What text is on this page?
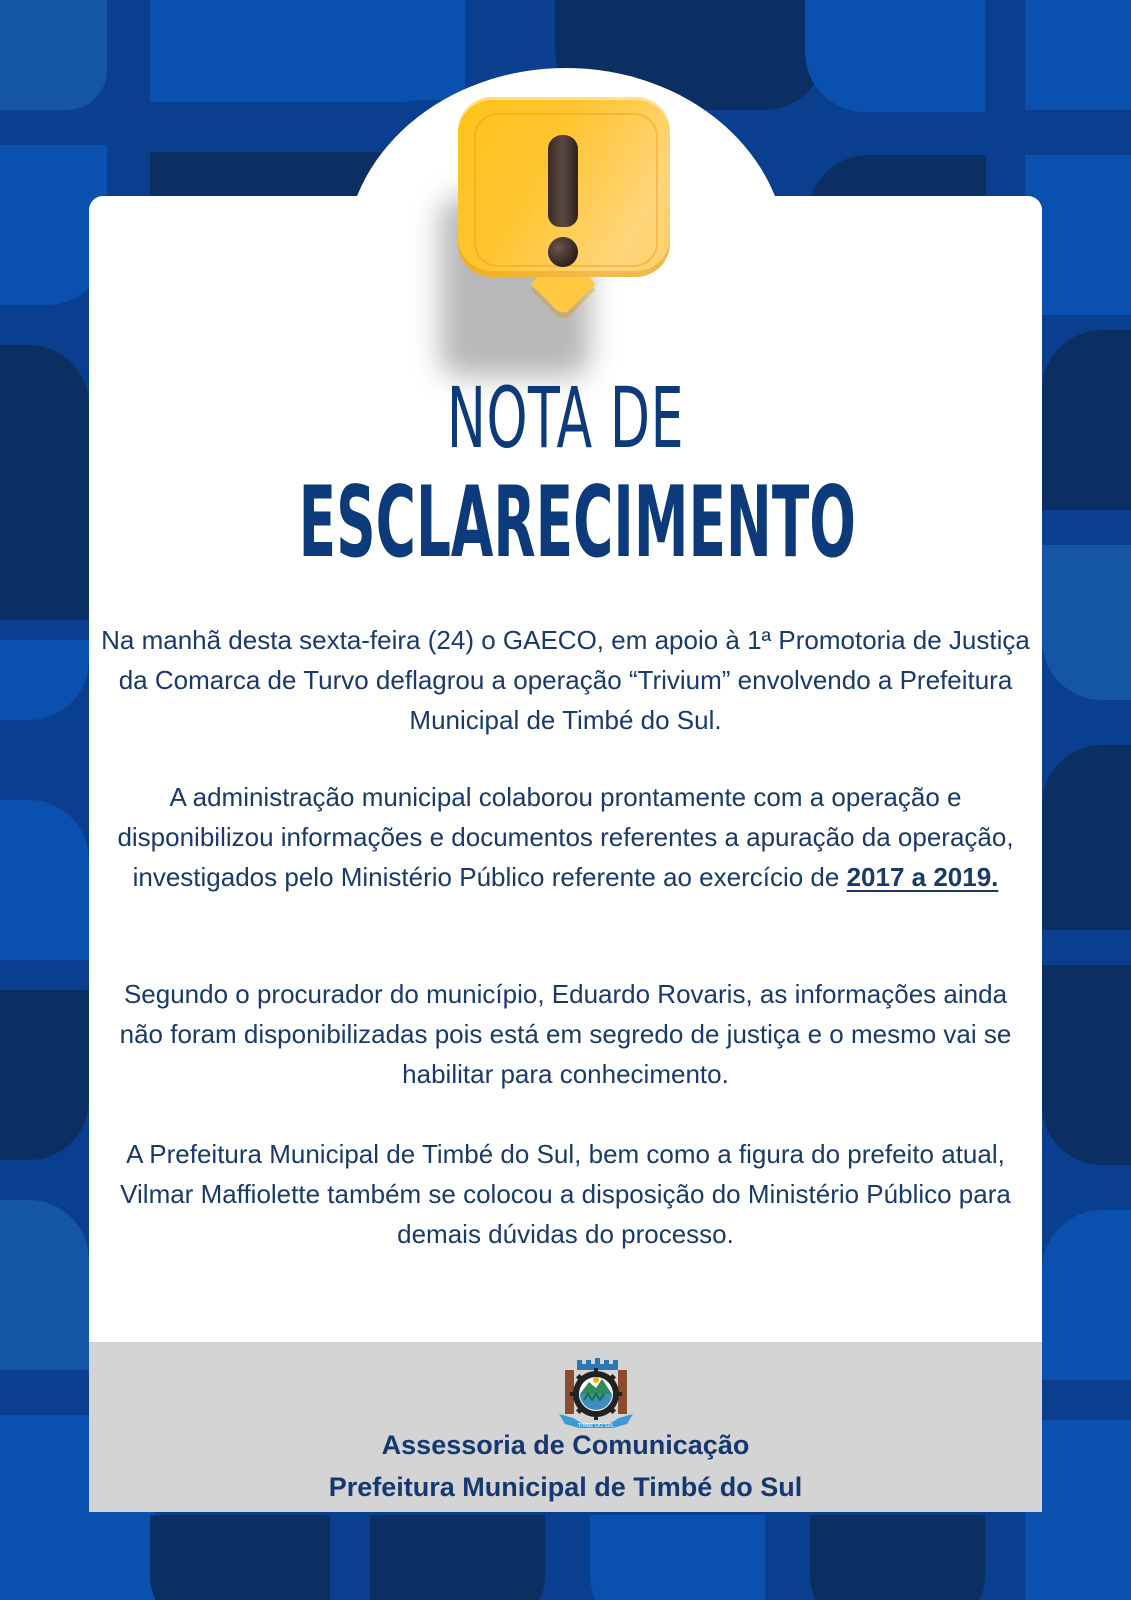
NOTA DE
ESCLARECIMENTO

Na manhã desta sexta-feira (24) o GAECO, em apoio à 1ª Promotoria de Justiça da Comarca de Turvo deflagrou a operação “Trivium” envolvendo a Prefeitura Municipal de Timbé do Sul.

A administração municipal colaborou prontamente com a operação e disponibilizou informações e documentos referentes a apuração da operação, investigados pelo Ministério Público referente ao exercício de 2017 a 2019.

Segundo o procurador do município, Eduardo Rovaris, as informações ainda não foram disponibilizadas pois está em segredo de justiça e o mesmo vai se habilitar para conhecimento.

A Prefeitura Municipal de Timbé do Sul, bem como a figura do prefeito atual, Vilmar Maffiolette também se colocou a disposição do Ministério Público para demais dúvidas do processo.

TIMBÉ DO SUL
Assessoria de Comunicação
Prefeitura Municipal de Timbé do Sul
